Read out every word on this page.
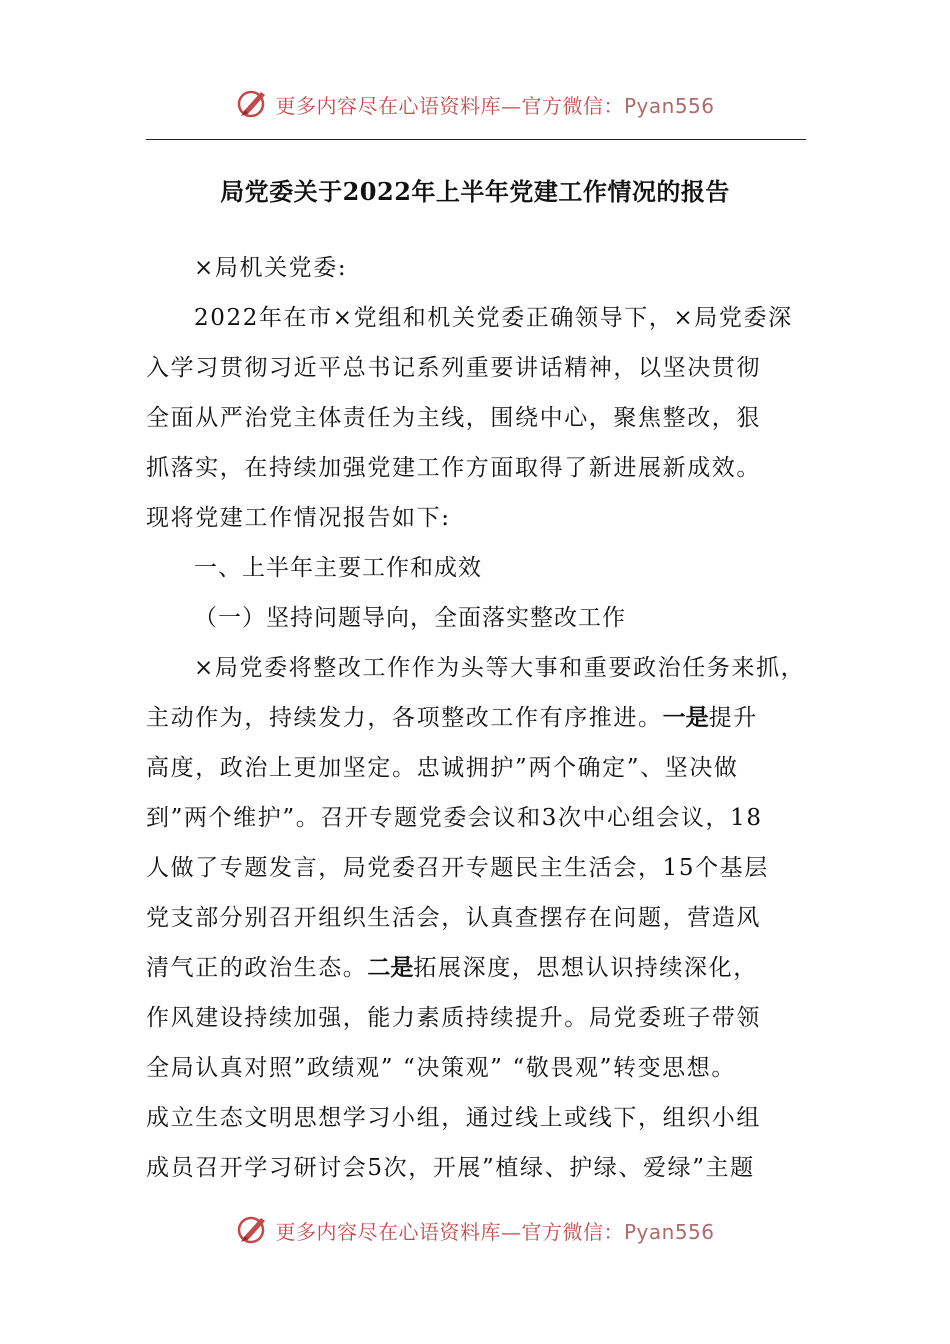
更多内容尽在心语资料库—官方微信：Pyan556
局党委关于2022年上半年党建工作情况的报告
×局机关党委:
2022年在市×党组和机关党委正确领导下，×局党委深
入学习贯彻习近平总书记系列重要讲话精神，以坚决贯彻
全面从严治党主体责任为主线，围绕中心，聚焦整改，狠
抓落实，在持续加强党建工作方面取得了新进展新成效。
现将党建工作情况报告如下:
一、上半年主要工作和成效
（一）坚持问题导向，全面落实整改工作
×局党委将整改工作作为头等大事和重要政治任务来抓，
主动作为，持续发力，各项整改工作有序推进。一是提升
高度，政治上更加坚定。忠诚拥护”两个确定”、坚决做
到”两个维护”。召开专题党委会议和3次中心组会议，18
人做了专题发言，局党委召开专题民主生活会，15个基层
党支部分别召开组织生活会，认真查摆存在问题，营造风
清气正的政治生态。二是拓展深度，思想认识持续深化，
作风建设持续加强，能力素质持续提升。局党委班子带领
全局认真对照”政绩观” “决策观” “敬畏观”转变思想。
成立生态文明思想学习小组，通过线上或线下，组织小组
成员召开学习研讨会5次，开展”植绿、护绿、爱绿”主题
更多内容尽在心语资料库—官方微信：Pyan556
